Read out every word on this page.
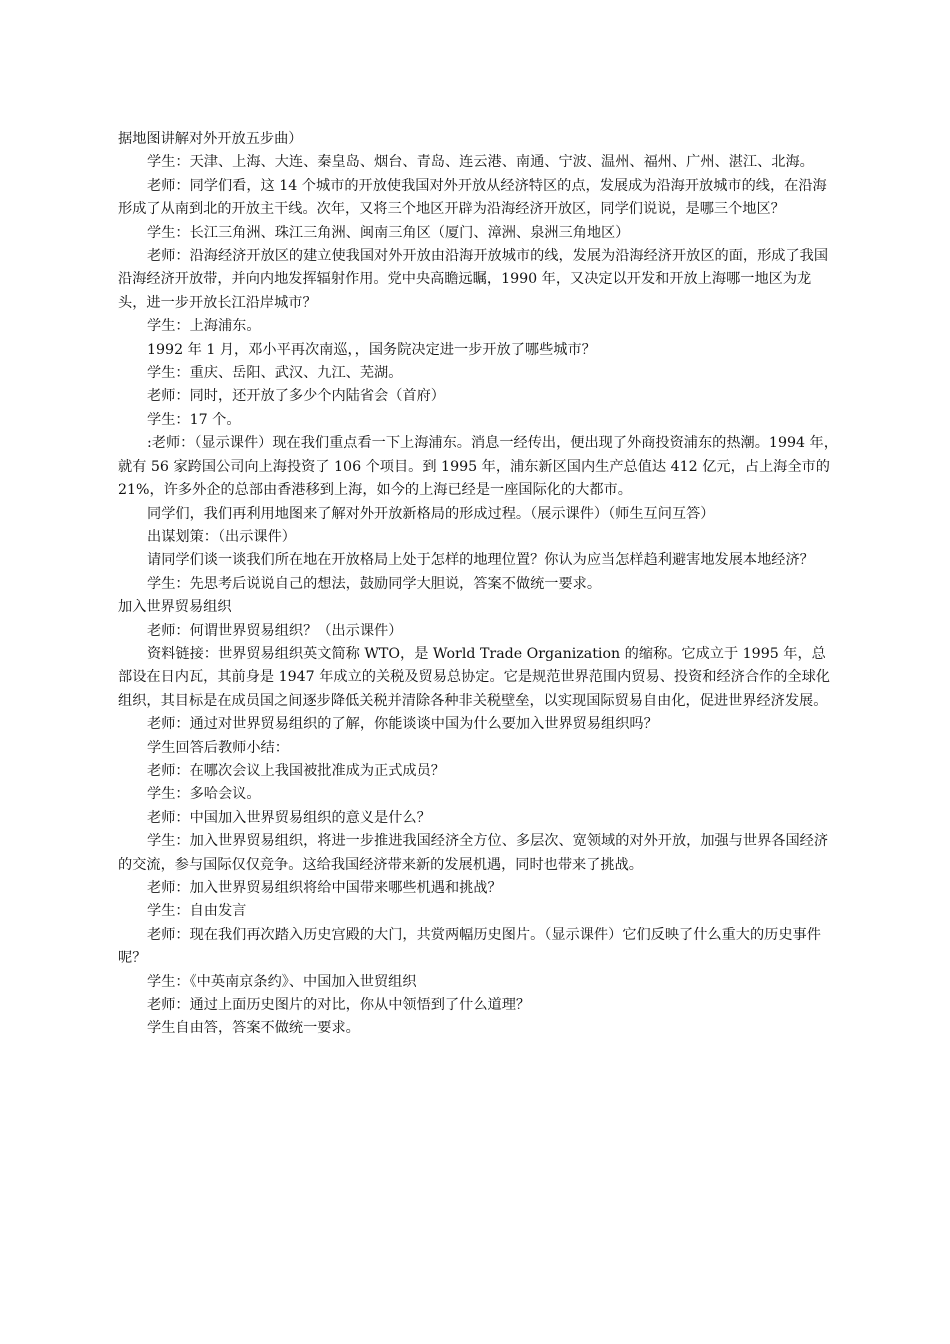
据地图讲解对外开放五步曲）

学生：天津、上海、大连、秦皇岛、烟台、青岛、连云港、南通、宁波、温州、福州、广州、湛江、北海。

老师：同学们看，这 14 个城市的开放使我国对外开放从经济特区的点，发展成为沿海开放城市的线，在沿海形成了从南到北的开放主干线。次年，又将三个地区开辟为沿海经济开放区，同学们说说，是哪三个地区？

学生：长江三角洲、珠江三角洲、闽南三角区（厦门、漳洲、泉洲三角地区）

老师：沿海经济开放区的建立使我国对外开放由沿海开放城市的线，发展为沿海经济开放区的面，形成了我国沿海经济开放带，并向内地发挥辐射作用。党中央高瞻远瞩，1990 年，又决定以开发和开放上海哪一地区为龙头，进一步开放长江沿岸城市？

学生：上海浦东。

1992 年 1 月，邓小平再次南巡，，国务院决定进一步开放了哪些城市？

学生：重庆、岳阳、武汉、九江、芜湖。

老师：同时，还开放了多少个内陆省会（首府）

学生：17 个。

:老师：（显示课件）现在我们重点看一下上海浦东。消息一经传出，便出现了外商投资浦东的热潮。1994 年，就有 56 家跨国公司向上海投资了 106 个项目。到 1995 年，浦东新区国内生产总值达 412 亿元，占上海全市的 21%，许多外企的总部由香港移到上海，如今的上海已经是一座国际化的大都市。

同学们，我们再利用地图来了解对外开放新格局的形成过程。（展示课件）（师生互问互答）

出谋划策：（出示课件）

请同学们谈一谈我们所在地在开放格局上处于怎样的地理位置？你认为应当怎样趋利避害地发展本地经济？

学生：先思考后说说自己的想法，鼓励同学大胆说，答案不做统一要求。

加入世界贸易组织

老师：何谓世界贸易组织？（出示课件）

资料链接：世界贸易组织英文简称 WTO，是 World Trade Organization 的缩称。它成立于 1995 年，总部设在日内瓦，其前身是 1947 年成立的关税及贸易总协定。它是规范世界范围内贸易、投资和经济合作的全球化组织，其目标是在成员国之间逐步降低关税并清除各种非关税壁垒，以实现国际贸易自由化，促进世界经济发展。

老师：通过对世界贸易组织的了解，你能谈谈中国为什么要加入世界贸易组织吗？

学生回答后教师小结：

老师：在哪次会议上我国被批准成为正式成员？

学生：多哈会议。

老师：中国加入世界贸易组织的意义是什么？

学生：加入世界贸易组织，将进一步推进我国经济全方位、多层次、宽领域的对外开放，加强与世界各国经济的交流，参与国际仅仅竞争。这给我国经济带来新的发展机遇，同时也带来了挑战。

老师：加入世界贸易组织将给中国带来哪些机遇和挑战？

学生：自由发言

老师：现在我们再次踏入历史宫殿的大门，共赏两幅历史图片。（显示课件）它们反映了什么重大的历史事件呢？

学生：《中英南京条约》、中国加入世贸组织

老师：通过上面历史图片的对比，你从中领悟到了什么道理？

学生自由答，答案不做统一要求。
